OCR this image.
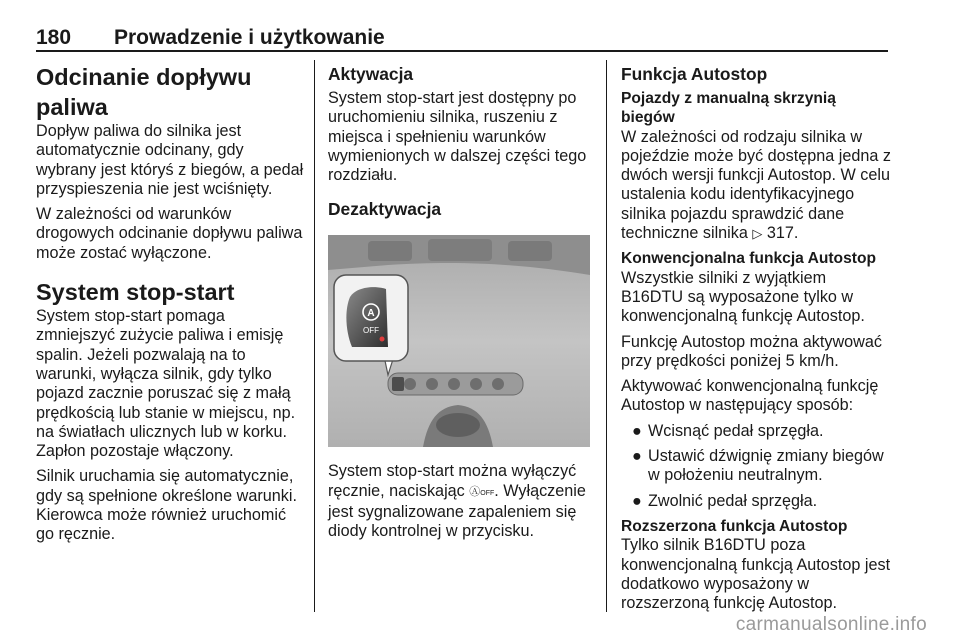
180 Prowadzenie i użytkowanie
Odcinanie dopływu paliwa

Dopływ paliwa do silnika jest automatycznie odcinany, gdy wybrany jest któryś z biegów, a pedał przyspieszenia nie jest wciśnięty.

W zależności od warunków drogowych odcinanie dopływu paliwa może zostać wyłączone.

System stop-start

System stop-start pomaga zmniejszyć zużycie paliwa i emisję spalin. Jeżeli pozwalają na to warunki, wyłącza silnik, gdy tylko pojazd zacznie poruszać się z małą prędkością lub stanie w miejscu, np. na światłach ulicznych lub w korku. Zapłon pozostaje włączony.

Silnik uruchamia się automatycznie, gdy są spełnione określone warunki. Kierowca może również uruchomić go ręcznie.

Aktywacja

System stop-start jest dostępny po uruchomieniu silnika, ruszeniu z miejsca i spełnieniu warunków wymienionych w dalszej części tego rozdziału.

Dezaktywacja
A
OFF

System stop-start można wyłączyć ręcznie, naciskając ⒶOFF. Wyłączenie jest sygnalizowane zapaleniem się diody kontrolnej w przycisku.

Funkcja Autostop
Pojazdy z manualną skrzynią biegów

W zależności od rodzaju silnika w pojeździe może być dostępna jedna z dwóch wersji funkcji Autostop. W celu ustalenia kodu identyfikacyjnego silnika pojazdu sprawdzić dane techniczne silnika ▷ 317.

Konwencjonalna funkcja Autostop

Wszystkie silniki z wyjątkiem B16DTU są wyposażone tylko w konwencjonalną funkcję Autostop.

Funkcję Autostop można aktywować przy prędkości poniżej 5 km/h.

Aktywować konwencjonalną funkcję Autostop w następujący sposób:

● Wcisnąć pedał sprzęgła.
● Ustawić dźwignię zmiany biegów w położeniu neutralnym.
● Zwolnić pedał sprzęgła.
Rozszerzona funkcja Autostop

Tylko silnik B16DTU poza konwencjonalną funkcją Autostop jest dodatkowo wyposażony w rozszerzoną funkcję Autostop.

carmanualsonline.info
